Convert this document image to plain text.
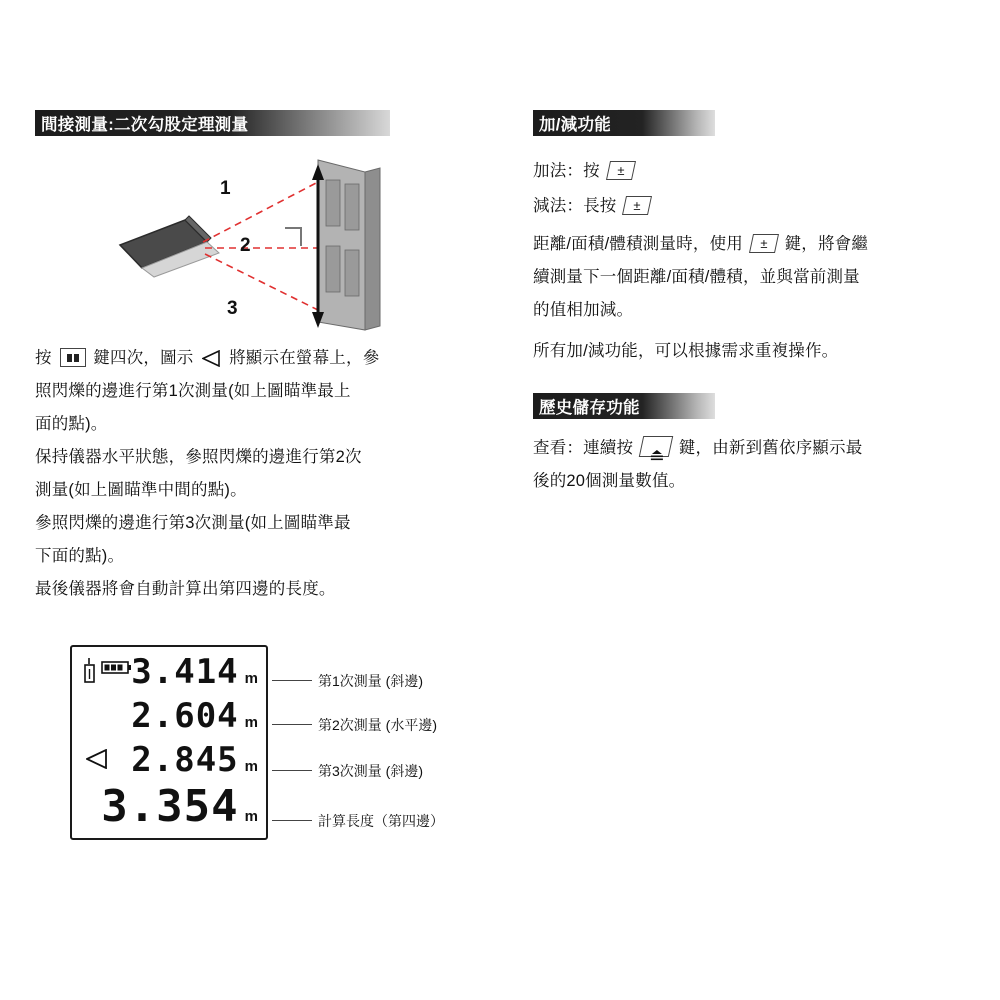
間接測量:二次勾股定理測量
1
2
3
按	鍵四次，圖示 將顯示在螢幕上，參
照閃爍的邊進行第1次測量(如上圖瞄準最上
面的點)。
保持儀器水平狀態，參照閃爍的邊進行第2次
測量(如上圖瞄準中間的點)。
參照閃爍的邊進行第3次測量(如上圖瞄準最
下面的點)。
最後儀器將會自動計算出第四邊的長度。
3.414 m
2.604 m
2.845 m
3.354 m
第1次測量 (斜邊)
第2次測量 (水平邊)
第3次測量 (斜邊)
計算長度（第四邊）
加/減功能
加法：按	±
減法：長按	±
距離/面積/體積測量時，使用	±	鍵，將會繼
續測量下一個距離/面積/體積，並與當前測量
的值相加減。
所有加/減功能，可以根據需求重複操作。
歷史儲存功能
查看：連續按	鍵，由新到舊依序顯示最
後的20個測量數值。
